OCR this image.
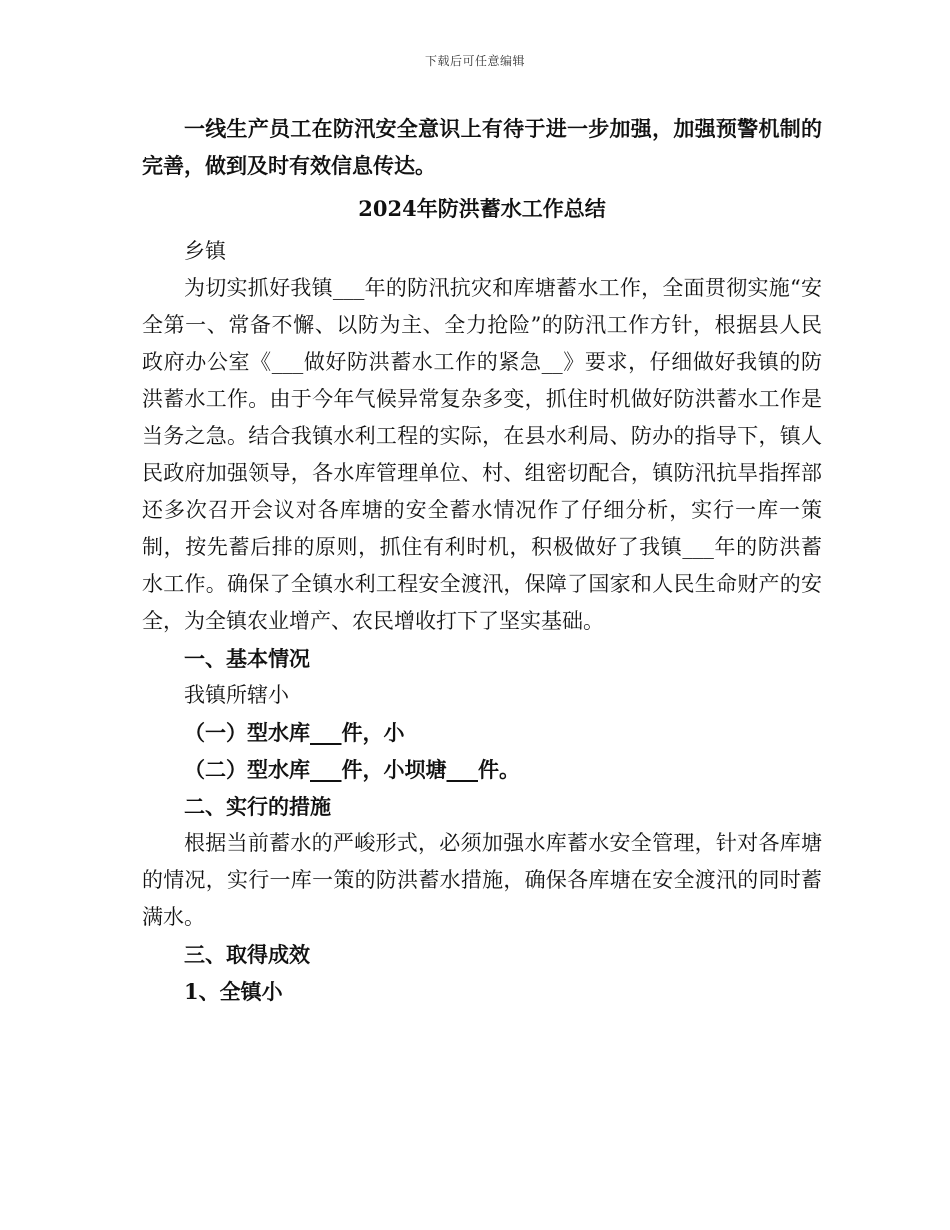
下载后可任意编辑

一线生产员工在防汛安全意识上有待于进一步加强，加强预警机制的完善，做到及时有效信息传达。

2024年防洪蓄水工作总结

乡镇

为切实抓好我镇___年的防汛抗灾和库塘蓄水工作，全面贯彻实施“安全第一、常备不懈、以防为主、全力抢险”的防汛工作方针，根据县人民政府办公室《___做好防洪蓄水工作的紧急__》要求，仔细做好我镇的防洪蓄水工作。由于今年气候异常复杂多变，抓住时机做好防洪蓄水工作是当务之急。结合我镇水利工程的实际，在县水利局、防办的指导下，镇人民政府加强领导，各水库管理单位、村、组密切配合，镇防汛抗旱指挥部还多次召开会议对各库塘的安全蓄水情况作了仔细分析，实行一库一策制，按先蓄后排的原则，抓住有利时机，积极做好了我镇___年的防洪蓄水工作。确保了全镇水利工程安全渡汛，保障了国家和人民生命财产的安全，为全镇农业增产、农民增收打下了坚实基础。

一、基本情况

我镇所辖小

（一）型水库___件，小

（二）型水库___件，小坝塘___件。

二、实行的措施

根据当前蓄水的严峻形式，必须加强水库蓄水安全管理，针对各库塘的情况，实行一库一策的防洪蓄水措施，确保各库塘在安全渡汛的同时蓄满水。

三、取得成效

1、全镇小
